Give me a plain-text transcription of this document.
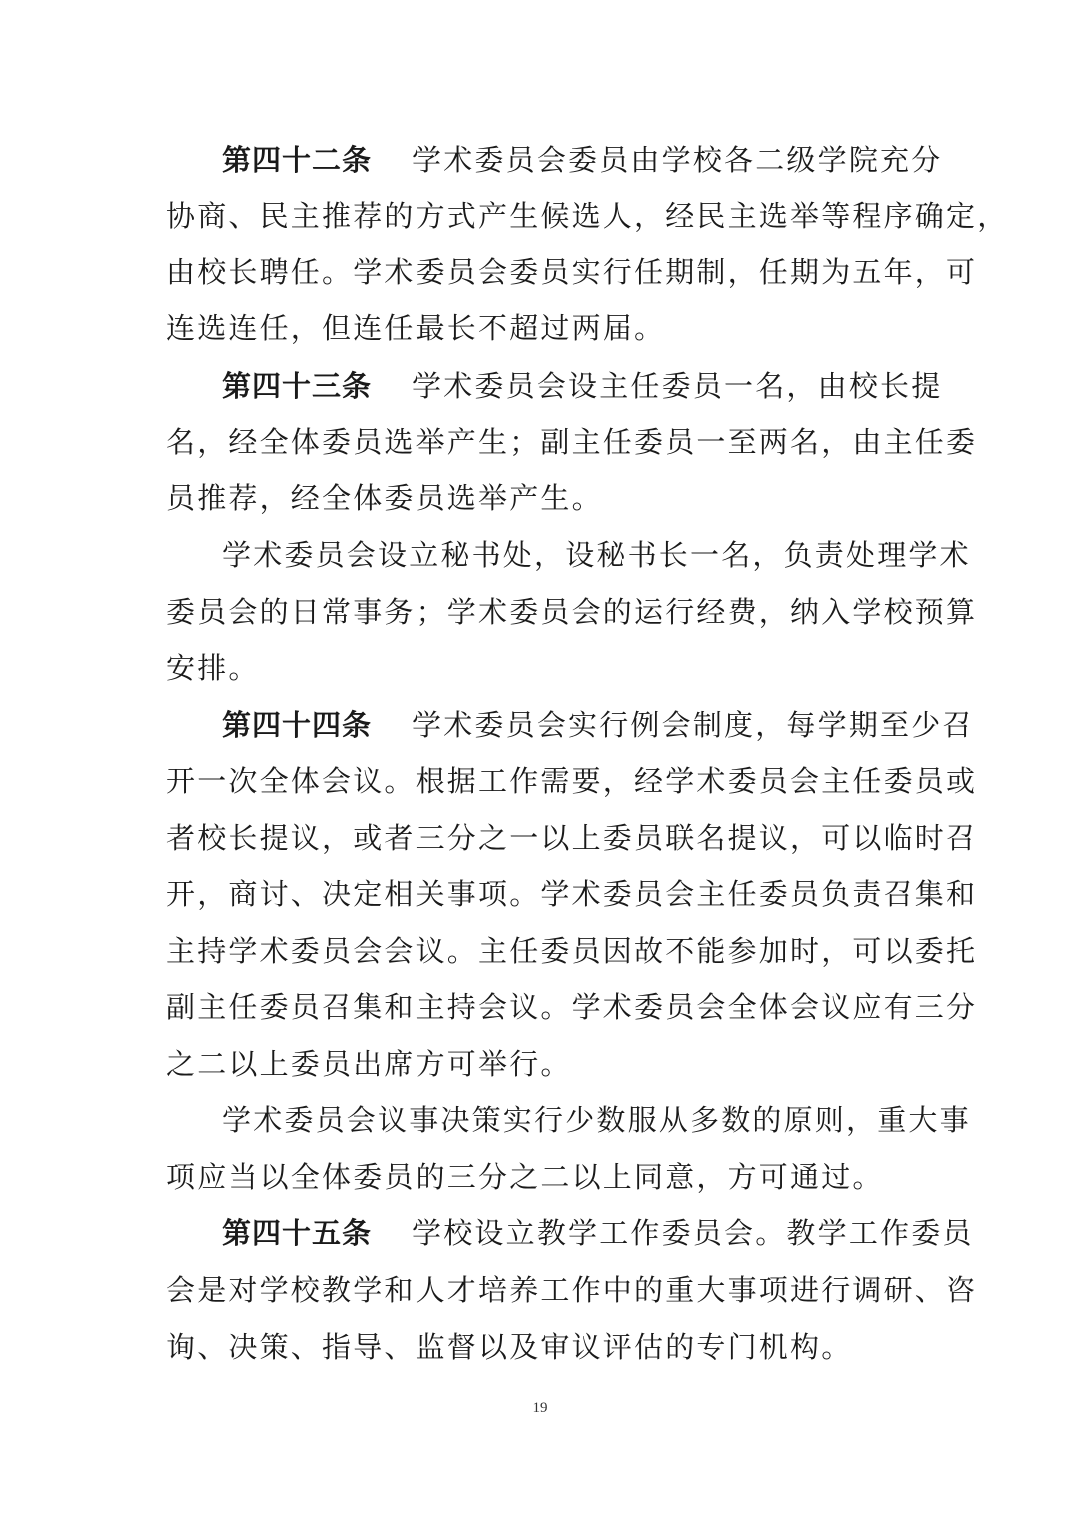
第四十二条 学术委员会委员由学校各二级学院充分
协商、民主推荐的方式产生候选人，经民主选举等程序确定，
由校长聘任。学术委员会委员实行任期制，任期为五年，可
连选连任，但连任最长不超过两届。
第四十三条 学术委员会设主任委员一名，由校长提
名，经全体委员选举产生；副主任委员一至两名，由主任委
员推荐，经全体委员选举产生。
学术委员会设立秘书处，设秘书长一名，负责处理学术
委员会的日常事务；学术委员会的运行经费，纳入学校预算
安排。
第四十四条 学术委员会实行例会制度，每学期至少召
开一次全体会议。根据工作需要，经学术委员会主任委员或
者校长提议，或者三分之一以上委员联名提议，可以临时召
开，商讨、决定相关事项。学术委员会主任委员负责召集和
主持学术委员会会议。主任委员因故不能参加时，可以委托
副主任委员召集和主持会议。学术委员会全体会议应有三分
之二以上委员出席方可举行。
学术委员会议事决策实行少数服从多数的原则，重大事
项应当以全体委员的三分之二以上同意，方可通过。
第四十五条 学校设立教学工作委员会。教学工作委员
会是对学校教学和人才培养工作中的重大事项进行调研、咨
询、决策、指导、监督以及审议评估的专门机构。
19
